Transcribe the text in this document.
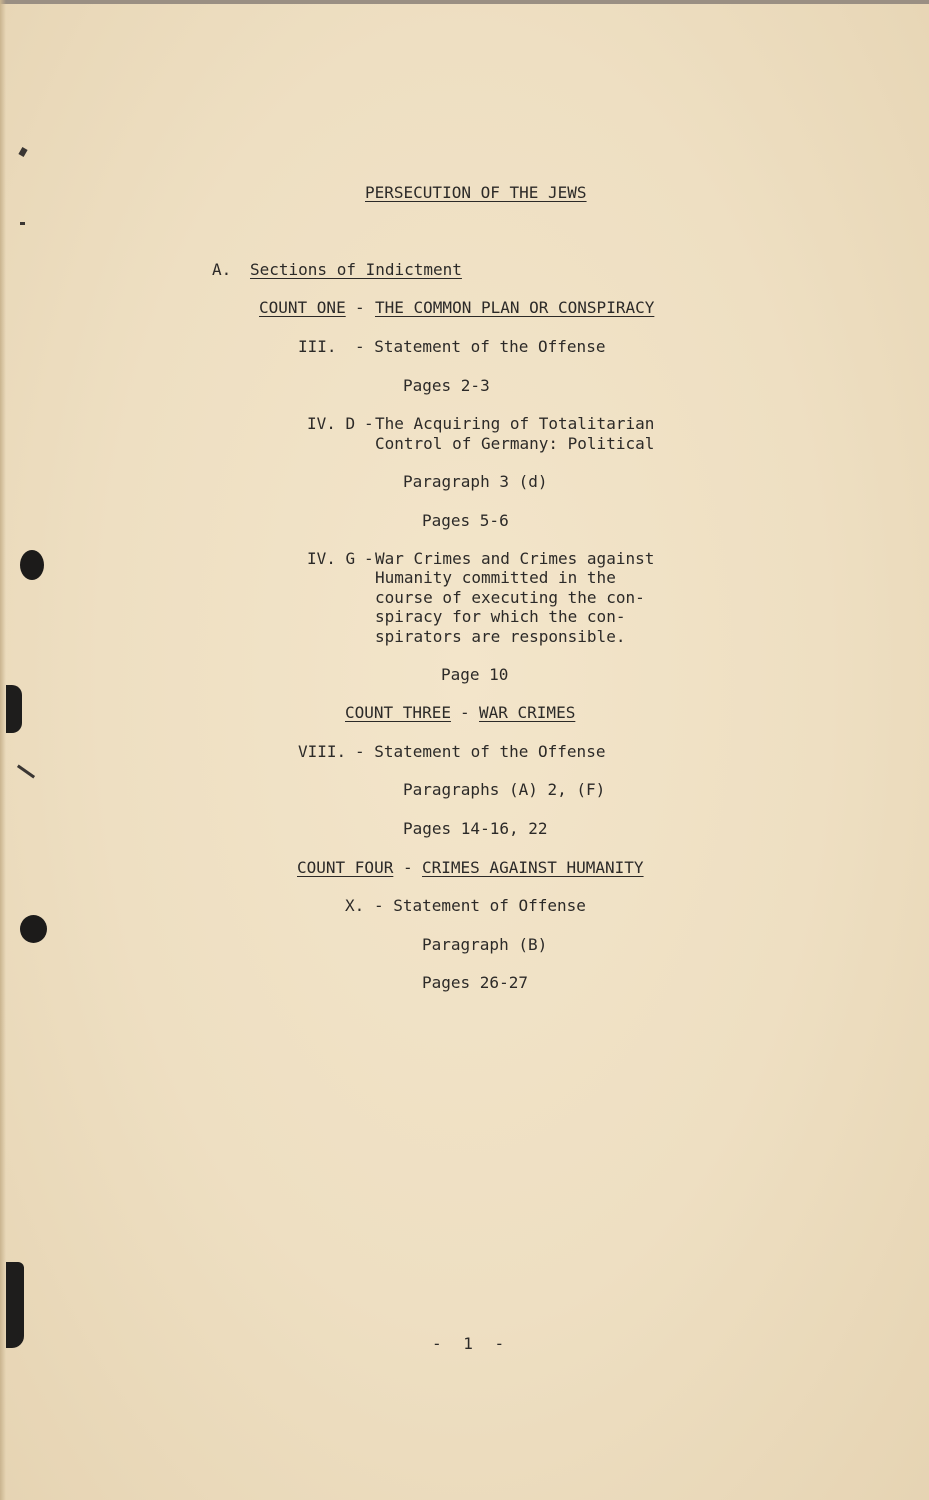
PERSECUTION OF THE JEWS
A. Sections of Indictment
COUNT ONE - THE COMMON PLAN OR CONSPIRACY
III. - Statement of the Offense
Pages 2-3
IV. D - The Acquiring of Totalitarian
Control of Germany: Political
Paragraph 3 (d)
Pages 5-6
IV. G - War Crimes and Crimes against
Humanity committed in the
course of executing the con-
spiracy for which the con-
spirators are responsible.
Page 10
COUNT THREE - WAR CRIMES
VIII. - Statement of the Offense
Paragraphs (A) 2, (F)
Pages 14-16, 22
COUNT FOUR - CRIMES AGAINST HUMANITY
X. - Statement of Offense
Paragraph (B)
Pages 26-27
- 1 -
